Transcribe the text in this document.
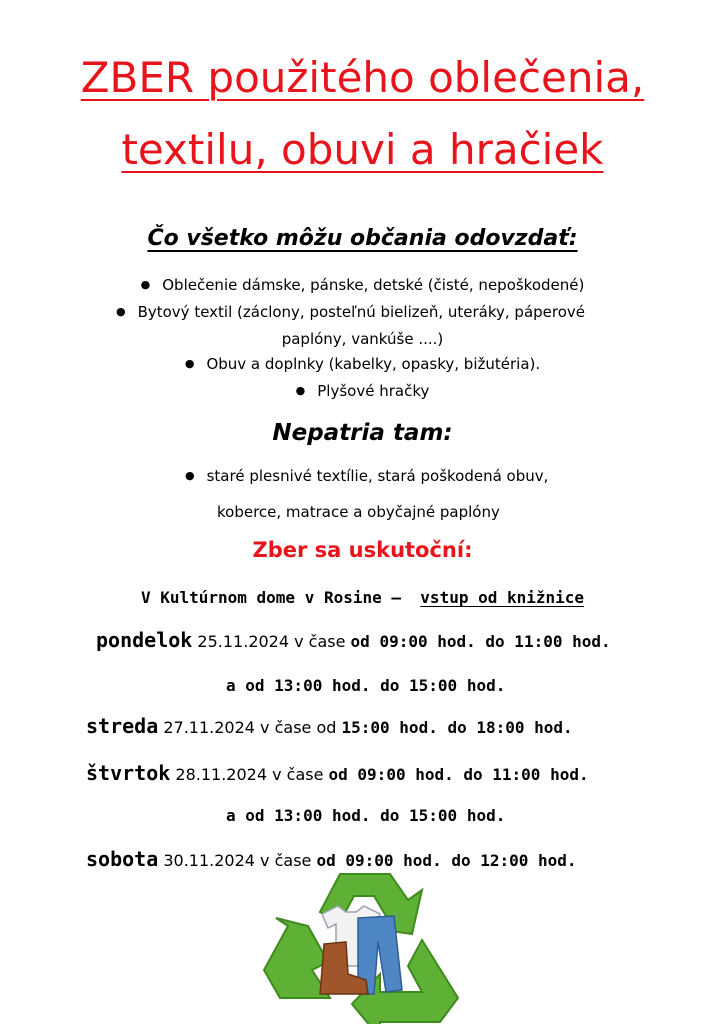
ZBER použitého oblečenia,
textilu, obuvi a hračiek
Čo všetko môžu občania odovzdať:
● Oblečenie dámske, pánske, detské (čisté, nepoškodené)
● Bytový textil (záclony, posteľnú bielizeň, uteráky, páperové
paplóny, vankúše ....)
● Obuv a doplnky (kabelky, opasky, bižutéria).
● Plyšové hračky
Nepatria tam:
● staré plesnivé textílie, stará poškodená obuv,
koberce, matrace a obyčajné paplóny
Zber sa uskutoční:
V Kultúrnom dome v Rosine – vstup od knižnice
pondelok 25.11.2024 v čase od 09:00 hod. do 11:00 hod.
a od 13:00 hod. do 15:00 hod.
streda 27.11.2024 v čase od 15:00 hod. do 18:00 hod.
štvrtok 28.11.2024 v čase od 09:00 hod. do 11:00 hod.
a od 13:00 hod. do 15:00 hod.
sobota 30.11.2024 v čase od 09:00 hod. do 12:00 hod.
